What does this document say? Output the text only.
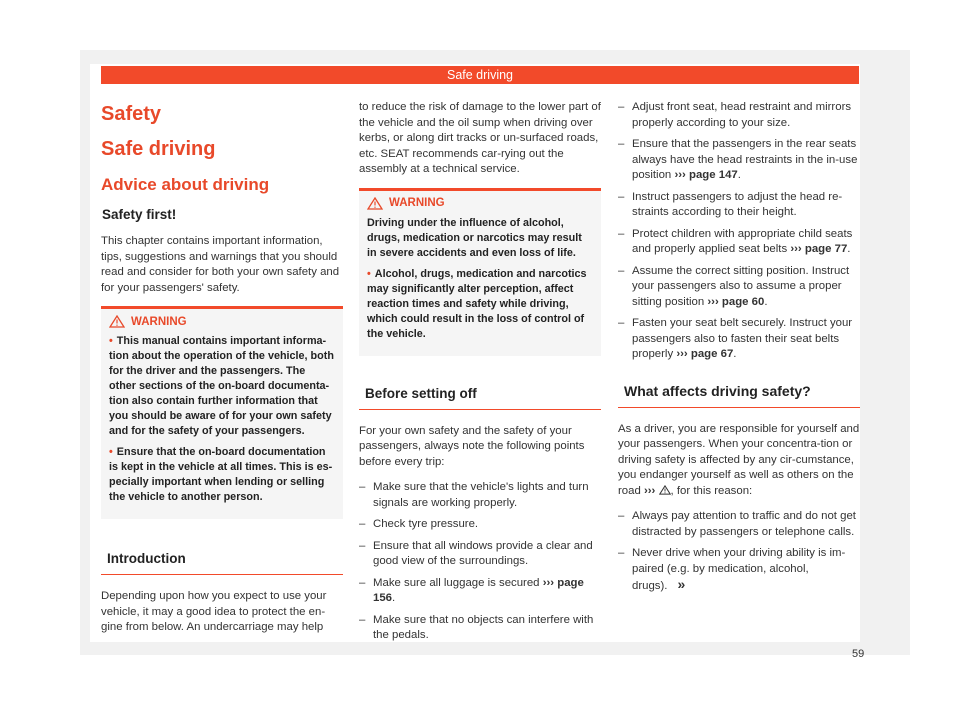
Safe driving
Safety
Safe driving
Advice about driving
Safety first!

This chapter contains important information, tips, suggestions and warnings that you should read and consider for both your own safety and for your passengers' safety.

WARNING

• This manual contains important informa-tion about the operation of the vehicle, both for the driver and the passengers. The other sections of the on-board documenta-tion also contain further information that you should be aware of for your own safety and for the safety of your passengers.

• Ensure that the on-board documentation is kept in the vehicle at all times. This is es-pecially important when lending or selling the vehicle to another person.

Introduction

Depending upon how you expect to use your vehicle, it may a good idea to protect the en-gine from below. An undercarriage may help

to reduce the risk of damage to the lower part of the vehicle and the oil sump when driving over kerbs, or along dirt tracks or un-surfaced roads, etc. SEAT recommends car-rying out the assembly at a technical service.

WARNING

Driving under the influence of alcohol, drugs, medication or narcotics may result in severe accidents and even loss of life.

• Alcohol, drugs, medication and narcotics may significantly alter perception, affect reaction times and safety while driving, which could result in the loss of control of the vehicle.

Before setting off

For your own safety and the safety of your passengers, always note the following points before every trip:

– Make sure that the vehicle's lights and turn signals are working properly.
– Check tyre pressure.
– Ensure that all windows provide a clear and good view of the surroundings.
– Make sure all luggage is secured ››› page 156.
– Make sure that no objects can interfere with the pedals.
– Adjust front seat, head restraint and mirrors properly according to your size.
– Ensure that the passengers in the rear seats always have the head restraints in the in-use position ››› page 147.
– Instruct passengers to adjust the head re-straints according to their height.
– Protect children with appropriate child seats and properly applied seat belts ››› page 77.
– Assume the correct sitting position. Instruct your passengers also to assume a proper sitting position ››› page 60.
– Fasten your seat belt securely. Instruct your passengers also to fasten their seat belts properly ››› page 67.
What affects driving safety?

As a driver, you are responsible for yourself and your passengers. When your concentra-tion or driving safety is affected by any cir-cumstance, you endanger yourself as well as others on the road ››› , for this reason:

– Always pay attention to traffic and do not get distracted by passengers or telephone calls.
– Never drive when your driving ability is im-paired (e.g. by medication, alcohol, drugs). »
59
